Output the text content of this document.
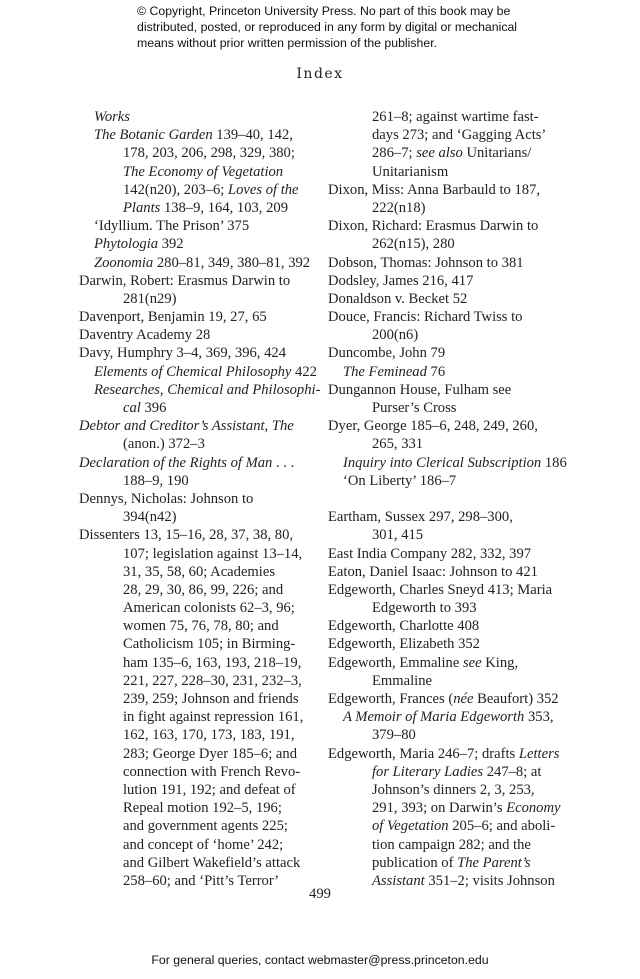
© Copyright, Princeton University Press. No part of this book may be
distributed, posted, or reproduced in any form by digital or mechanical
means without prior written permission of the publisher.
Index
Works
The Botanic Garden 139–40, 142,
178, 203, 206, 298, 329, 380;
The Economy of Vegetation
142(n20), 203–6; Loves of the
Plants 138–9, 164, 103, 209
‘Idyllium. The Prison’ 375
Phytologia 392
Zoonomia 280–81, 349, 380–81, 392
Darwin, Robert: Erasmus Darwin to
281(n29)
Davenport, Benjamin 19, 27, 65
Daventry Academy 28
Davy, Humphry 3–4, 369, 396, 424
Elements of Chemical Philosophy 422
Researches, Chemical and Philosophi-
cal 396
Debtor and Creditor’s Assistant, The
(anon.) 372–3
Declaration of the Rights of Man . . .
188–9, 190
Dennys, Nicholas: Johnson to
394(n42)
Dissenters 13, 15–16, 28, 37, 38, 80,
107; legislation against 13–14,
31, 35, 58, 60; Academies
28, 29, 30, 86, 99, 226; and
American colonists 62–3, 96;
women 75, 76, 78, 80; and
Catholicism 105; in Birming-
ham 135–6, 163, 193, 218–19,
221, 227, 228–30, 231, 232–3,
239, 259; Johnson and friends
in fight against repression 161,
162, 163, 170, 173, 183, 191,
283; George Dyer 185–6; and
connection with French Revo-
lution 191, 192; and defeat of
Repeal motion 192–5, 196;
and government agents 225;
and concept of ‘home’ 242;
and Gilbert Wakefield’s attack
258–60; and ‘Pitt’s Terror’
261–8; against wartime fast-
days 273; and ‘Gagging Acts’
286–7; see also Unitarians/
Unitarianism
Dixon, Miss: Anna Barbauld to 187,
222(n18)
Dixon, Richard: Erasmus Darwin to
262(n15), 280
Dobson, Thomas: Johnson to 381
Dodsley, James 216, 417
Donaldson v. Becket 52
Douce, Francis: Richard Twiss to
200(n6)
Duncombe, John 79
The Feminead 76
Dungannon House, Fulham see
Purser’s Cross
Dyer, George 185–6, 248, 249, 260,
265, 331
Inquiry into Clerical Subscription 186
‘On Liberty’ 186–7
Eartham, Sussex 297, 298–300,
301, 415
East India Company 282, 332, 397
Eaton, Daniel Isaac: Johnson to 421
Edgeworth, Charles Sneyd 413; Maria
Edgeworth to 393
Edgeworth, Charlotte 408
Edgeworth, Elizabeth 352
Edgeworth, Emmaline see King,
Emmaline
Edgeworth, Frances (née Beaufort) 352
A Memoir of Maria Edgeworth 353,
379–80
Edgeworth, Maria 246–7; drafts Letters
for Literary Ladies 247–8; at
Johnson’s dinners 2, 3, 253,
291, 393; on Darwin’s Economy
of Vegetation 205–6; and aboli-
tion campaign 282; and the
publication of The Parent’s
Assistant 351–2; visits Johnson
499
For general queries, contact webmaster@press.princeton.edu
